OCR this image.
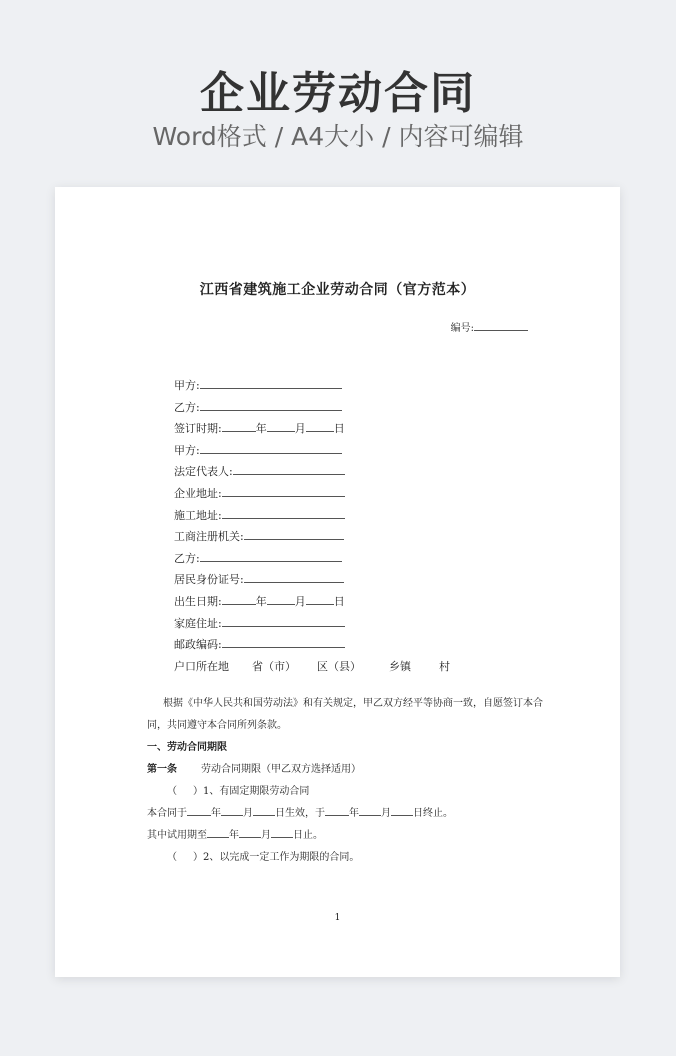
企业劳动合同
Word格式 / A4大小 / 内容可编辑
江西省建筑施工企业劳动合同（官方范本）
编号:
甲方:
乙方:
签订时期:	年	月	日
甲方:
法定代表人:
企业地址:
施工地址:
工商注册机关:
乙方:
居民身份证号:
出生日期:	年	月	日
家庭住址:
邮政编码:
户口所在地 省（市） 区（县）	乡镇	村
根据《中华人民共和国劳动法》和有关规定，甲乙双方经平等协商一致，自愿签订本合
同，共同遵守本合同所列条款。
一、劳动合同期限
第一条 劳动合同期限（甲乙双方选择适用）
（ ）1、有固定期限劳动合同
本合同于 年 月 日生效，于 年 月 日终止。
其中试用期至 年 月 日止。
（ ）2、以完成一定工作为期限的合同。
1
